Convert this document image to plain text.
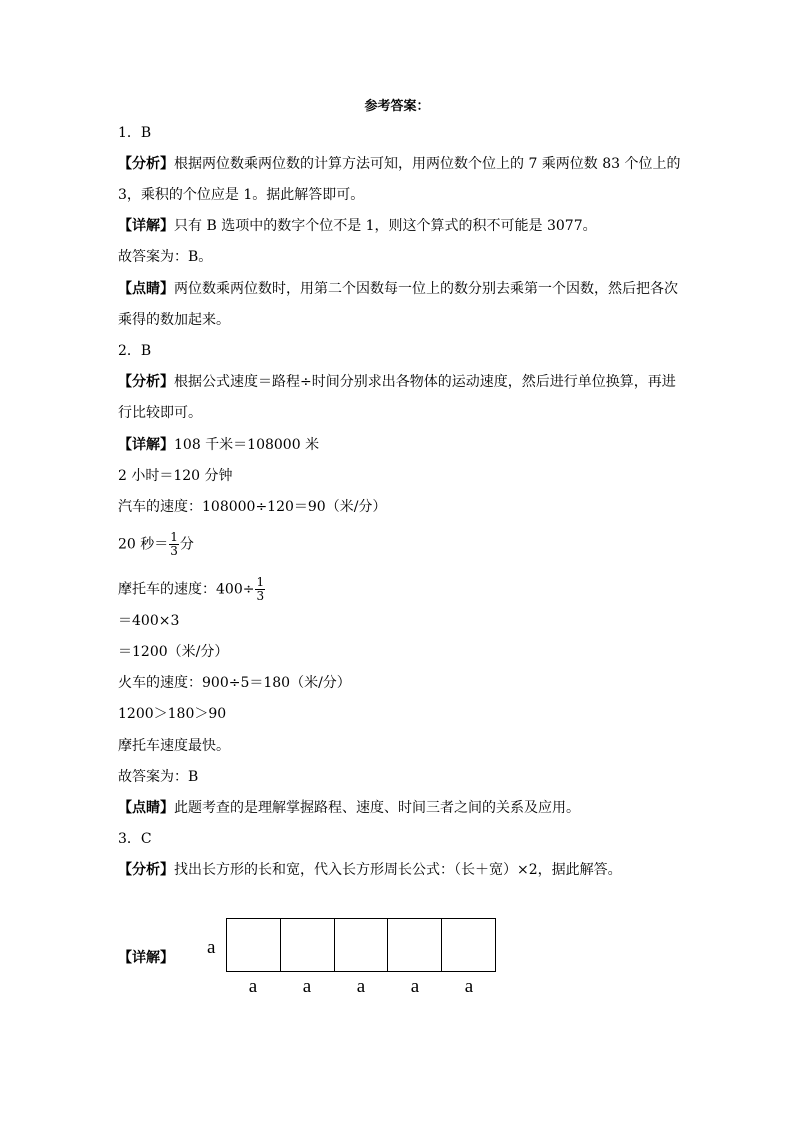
参考答案：
1．B
【分析】根据两位数乘两位数的计算方法可知，用两位数个位上的 7 乘两位数 83 个位上的
3，乘积的个位应是 1。据此解答即可。
【详解】只有 B 选项中的数字个位不是 1，则这个算式的积不可能是 3077。
故答案为：B。
【点睛】两位数乘两位数时，用第二个因数每一位上的数分别去乘第一个因数，然后把各次
乘得的数加起来。
2．B
【分析】根据公式速度＝路程÷时间分别求出各物体的运动速度，然后进行单位换算，再进
行比较即可。
【详解】108 千米＝108000 米
2 小时＝120 分钟
汽车的速度：108000÷120＝90（米/分）
20 秒＝ $\frac{1}{3}$ 分
摩托车的速度：$400\div \frac{1}{3}$
＝400×3
＝1200（米/分）
火车的速度：900÷5＝180（米/分）
1200＞180＞90
摩托车速度最快。
故答案为：B
【点睛】此题考查的是理解掌握路程、速度、时间三者之间的关系及应用。
3．C
【分析】找出长方形的长和宽，代入长方形周长公式：（长＋宽）×2，据此解答。
【详解】 a
a	a	a	a	a
